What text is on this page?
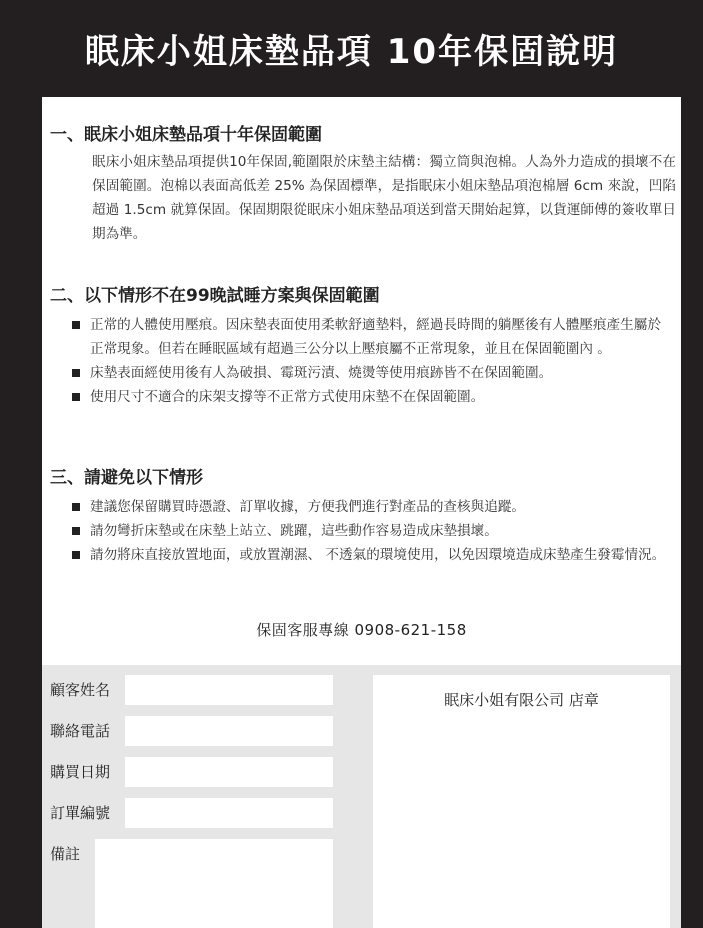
眠床小姐床墊品項 10年保固說明
一、眠床小姐床墊品項十年保固範圍
眠床小姐床墊品項提供10年保固,範圍限於床墊主結構：獨立筒與泡棉。人為外力造成的損壞不在保固範圍。泡棉以表面高低差 25% 為保固標準，是指眠床小姐床墊品項泡棉層 6cm 來說，凹陷超過 1.5cm 就算保固。保固期限從眠床小姐床墊品項送到當天開始起算，以貨運師傅的簽收單日期為準。
二、以下情形不在99晚試睡方案與保固範圍
正常的人體使用壓痕。因床墊表面使用柔軟舒適墊料，經過長時間的躺壓後有人體壓痕產生屬於正常現象。但若在睡眠區域有超過三公分以上壓痕屬不正常現象，並且在保固範圍內 。
床墊表面經使用後有人為破損、霉斑污漬、燒燙等使用痕跡皆不在保固範圍。
使用尺寸不適合的床架支撐等不正常方式使用床墊不在保固範圍。
三、請避免以下情形
建議您保留購買時憑證、訂單收據，方便我們進行對產品的查核與追蹤。
請勿彎折床墊或在床墊上站立、跳躍，這些動作容易造成床墊損壞。
請勿將床直接放置地面，或放置潮濕、 不透氣的環境使用，以免因環境造成床墊產生發霉情況。
保固客服專線 0908-621-158
顧客姓名
聯絡電話
購買日期
訂單編號
備註
眠床小姐有限公司 店章
